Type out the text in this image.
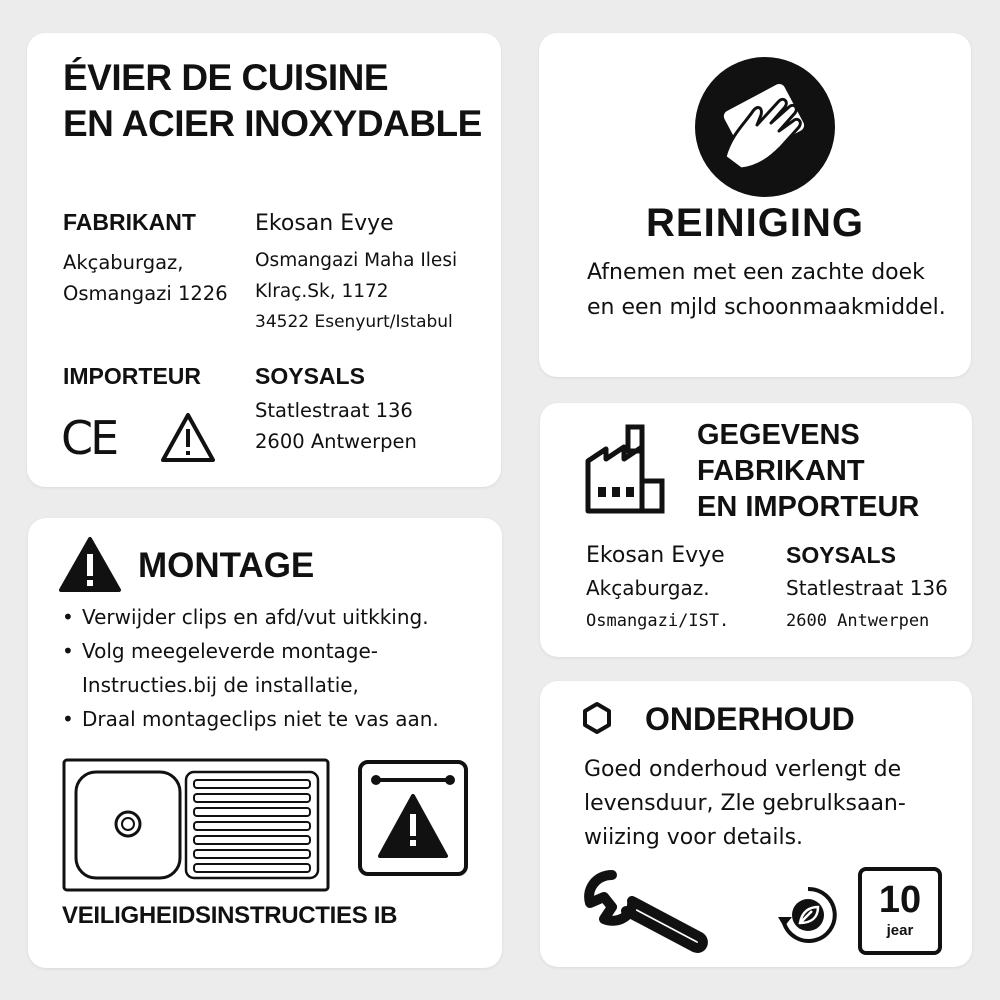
ÉVIER DE CUISINE
EN ACIER INOXYDABLE
FABRIKANT
Akçaburgaz,
Osmangazi 1226
Ekosan Evye
Osmangazi Maha Ilesi
Klraç.Sk, 1172
34522 Esenyurt/Istabul
IMPORTEUR SOYSALS
Statlestraat 136
2600 Antwerpen
CE
REINIGING
Afnemen met een zachte doek en een mjld schoonmaakmiddel.
MONTAGE
• Verwijder clips en afd/vut uitkking.
• Volg meegeleverde montage-Instructies.bij de installatie,
• Draal montageclips niet te vas aan.
VEILIGHEIDSINSTRUCTIES IB
GEGEVENS
FABRIKANT
EN IMPORTEUR
Ekosan Evye
Akçaburgaz.
Osmangazi/IST.
SOYSALS
Statlestraat 136
2600 Antwerpen
ONDERHOUD
Goed onderhoud verlengt de levensduur, Zle gebrulksaan-wiizing voor details.
10
jear
